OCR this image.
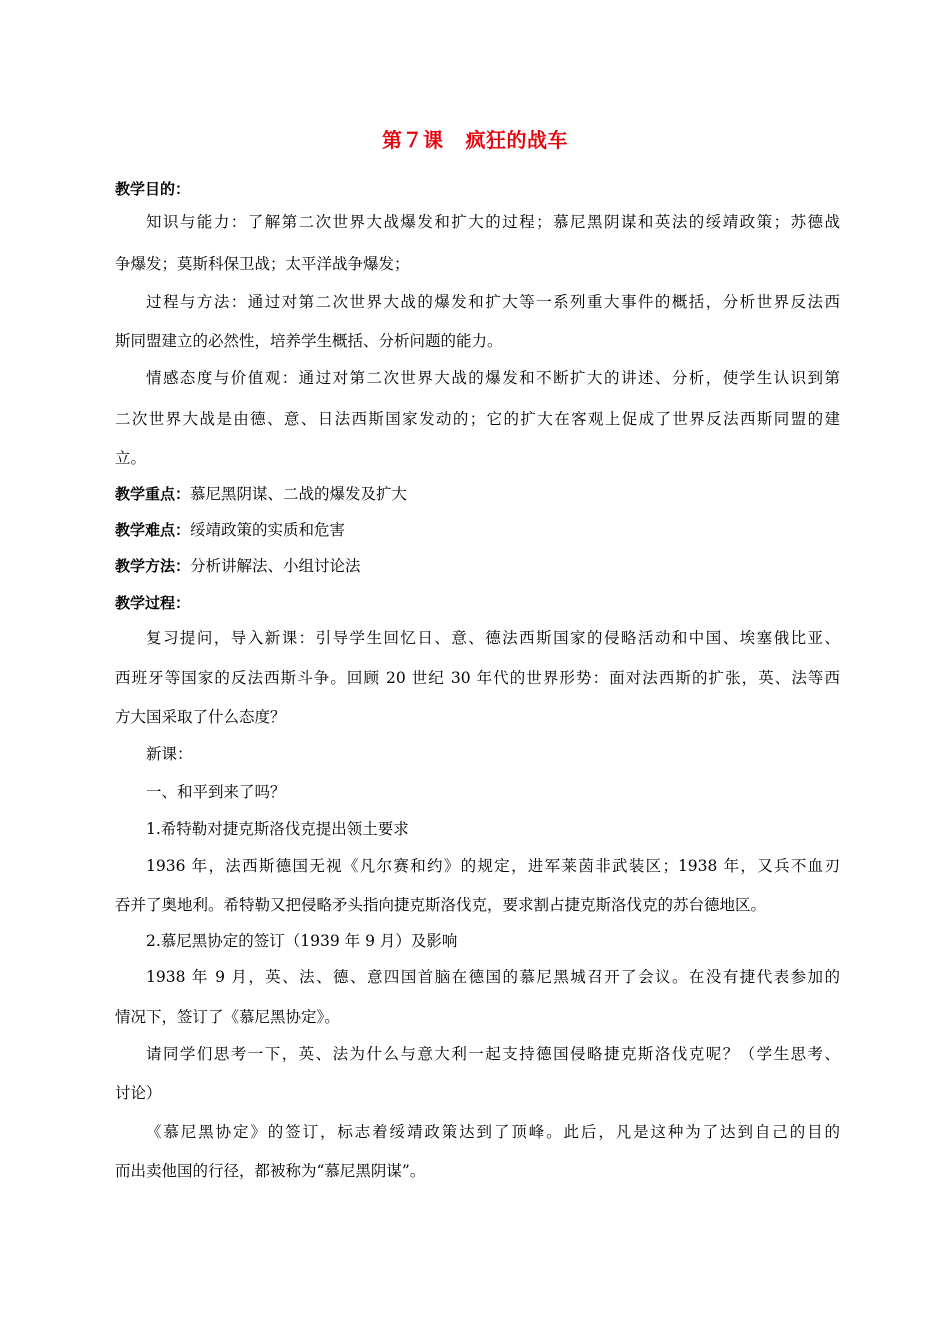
第７课 疯狂的战车
教学目的：
知识与能力：了解第二次世界大战爆发和扩大的过程；慕尼黑阴谋和英法的绥靖政策；苏德战
争爆发；莫斯科保卫战；太平洋战争爆发；
过程与方法：通过对第二次世界大战的爆发和扩大等一系列重大事件的概括，分析世界反法西
斯同盟建立的必然性，培养学生概括、分析问题的能力。
情感态度与价值观：通过对第二次世界大战的爆发和不断扩大的讲述、分析，使学生认识到第
二次世界大战是由德、意、日法西斯国家发动的；它的扩大在客观上促成了世界反法西斯同盟的建
立。
教学重点：慕尼黑阴谋、二战的爆发及扩大
教学难点：绥靖政策的实质和危害
教学方法：分析讲解法、小组讨论法
教学过程：
复习提问，导入新课：引导学生回忆日、意、德法西斯国家的侵略活动和中国、埃塞俄比亚、
西班牙等国家的反法西斯斗争。回顾 20 世纪 30 年代的世界形势：面对法西斯的扩张，英、法等西
方大国采取了什么态度？
新课：
一、和平到来了吗？
1.希特勒对捷克斯洛伐克提出领土要求
1936 年，法西斯德国无视《凡尔赛和约》的规定，进军莱茵非武装区；1938 年，又兵不血刃
吞并了奥地利。希特勒又把侵略矛头指向捷克斯洛伐克，要求割占捷克斯洛伐克的苏台德地区。
2.慕尼黑协定的签订（1939 年 9 月）及影响
1938 年 9 月，英、法、德、意四国首脑在德国的慕尼黑城召开了会议。在没有捷代表参加的
情况下，签订了《慕尼黑协定》。
请同学们思考一下，英、法为什么与意大利一起支持德国侵略捷克斯洛伐克呢？（学生思考、
讨论）
《慕尼黑协定》的签订，标志着绥靖政策达到了顶峰。此后，凡是这种为了达到自己的目的
而出卖他国的行径，都被称为“慕尼黑阴谋”。
